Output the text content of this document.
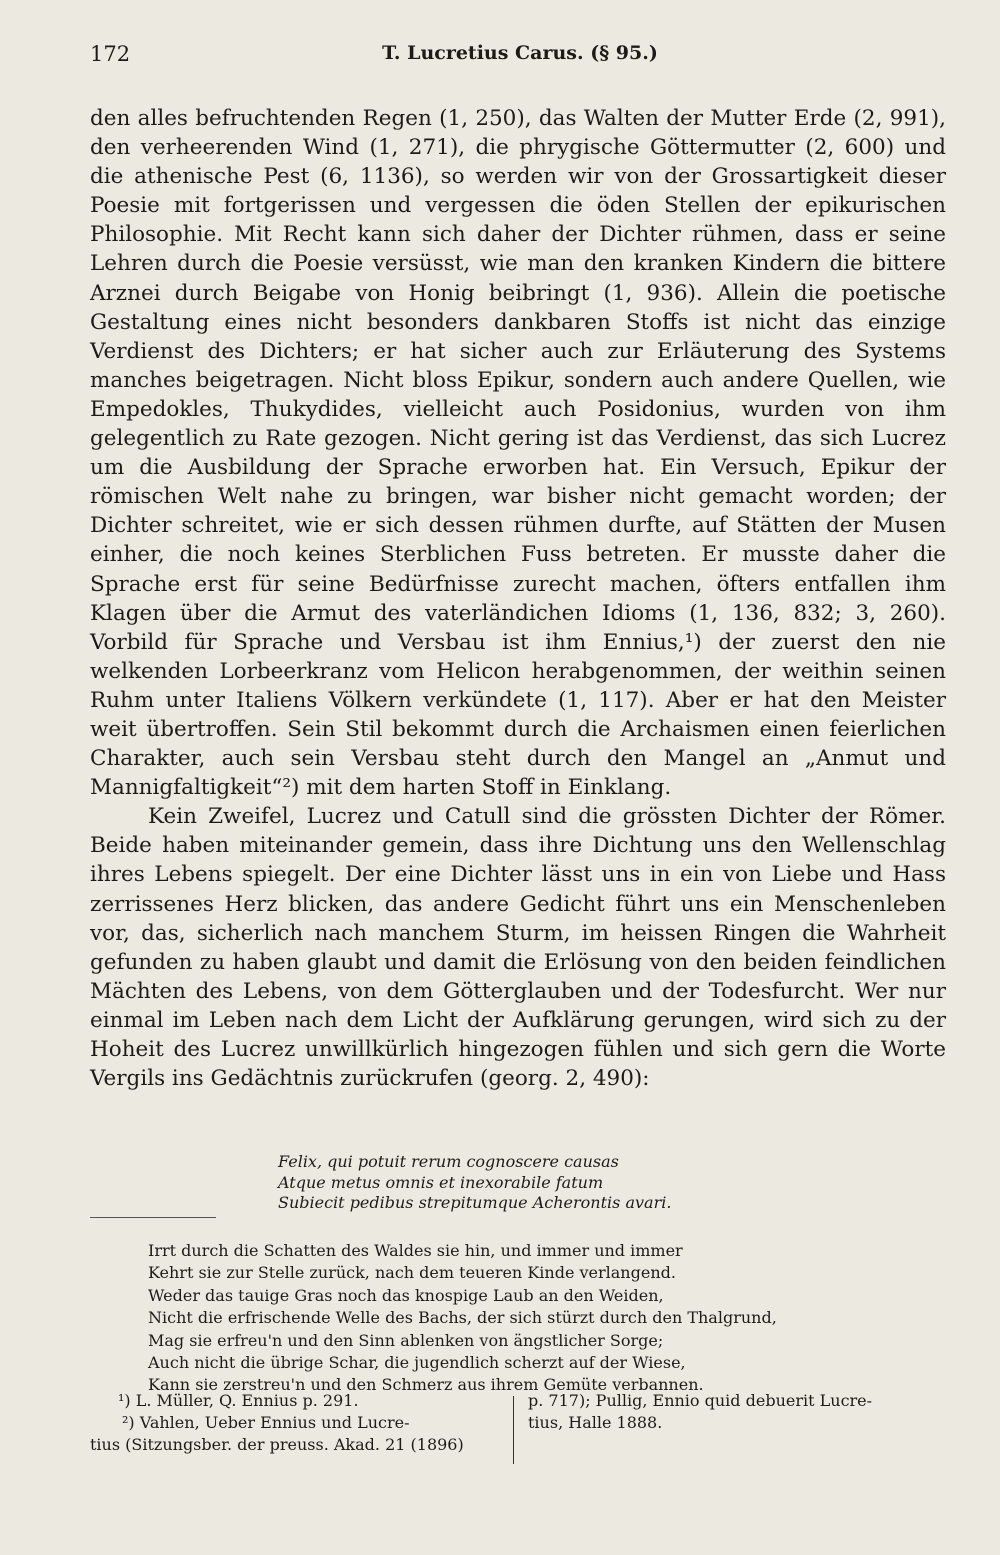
172	T. Lucretius Carus. (§ 95.)

den alles befruchtenden Regen (1, 250), das Walten der Mutter Erde (2, 991), den verheerenden Wind (1, 271), die phrygische Göttermutter (2, 600) und die athenische Pest (6, 1136), so werden wir von der Grossartigkeit dieser Poesie mit fortgerissen und vergessen die öden Stellen der epikurischen Philosophie. Mit Recht kann sich daher der Dichter rühmen, dass er seine Lehren durch die Poesie versüsst, wie man den kranken Kindern die bittere Arznei durch Beigabe von Honig beibringt (1, 936). Allein die poetische Gestaltung eines nicht besonders dankbaren Stoffs ist nicht das einzige Verdienst des Dichters; er hat sicher auch zur Erläuterung des Systems manches beigetragen. Nicht bloss Epikur, sondern auch andere Quellen, wie Empedokles, Thukydides, vielleicht auch Posidonius, wurden von ihm gelegentlich zu Rate gezogen. Nicht gering ist das Verdienst, das sich Lucrez um die Ausbildung der Sprache erworben hat. Ein Versuch, Epikur der römischen Welt nahe zu bringen, war bisher nicht gemacht worden; der Dichter schreitet, wie er sich dessen rühmen durfte, auf Stätten der Musen einher, die noch keines Sterblichen Fuss betreten. Er musste daher die Sprache erst für seine Bedürfnisse zurecht machen, öfters entfallen ihm Klagen über die Armut des vaterländichen Idioms (1, 136, 832; 3, 260). Vorbild für Sprache und Versbau ist ihm Ennius,¹) der zuerst den nie welkenden Lorbeerkranz vom Helicon herabgenommen, der weithin seinen Ruhm unter Italiens Völkern verkündete (1, 117). Aber er hat den Meister weit übertroffen. Sein Stil bekommt durch die Archaismen einen feierlichen Charakter, auch sein Versbau steht durch den Mangel an „Anmut und Mannigfaltigkeit“²) mit dem harten Stoff in Einklang.

Kein Zweifel, Lucrez und Catull sind die grössten Dichter der Römer. Beide haben miteinander gemein, dass ihre Dichtung uns den Wellenschlag ihres Lebens spiegelt. Der eine Dichter lässt uns in ein von Liebe und Hass zerrissenes Herz blicken, das andere Gedicht führt uns ein Menschenleben vor, das, sicherlich nach manchem Sturm, im heissen Ringen die Wahrheit gefunden zu haben glaubt und damit die Erlösung von den beiden feindlichen Mächten des Lebens, von dem Götterglauben und der Todesfurcht. Wer nur einmal im Leben nach dem Licht der Aufklärung gerungen, wird sich zu der Hoheit des Lucrez unwillkürlich hingezogen fühlen und sich gern die Worte Vergils ins Gedächtnis zurückrufen (georg. 2, 490):

Felix, qui potuit rerum cognoscere causas
Atque metus omnis et inexorabile fatum
Subiecit pedibus strepitumque Acherontis avari.
Irrt durch die Schatten des Waldes sie hin, und immer und immer
Kehrt sie zur Stelle zurück, nach dem teueren Kinde verlangend.
Weder das tauige Gras noch das knospige Laub an den Weiden,
Nicht die erfrischende Welle des Bachs, der sich stürzt durch den Thalgrund,
Mag sie erfreu'n und den Sinn ablenken von ängstlicher Sorge;
Auch nicht die übrige Schar, die jugendlich scherzt auf der Wiese,
Kann sie zerstreu'n und den Schmerz aus ihrem Gemüte verbannen.
¹) L. Müller, Q. Ennius p. 291.
²) Vahlen, Ueber Ennius und Lucre-
tius (Sitzungsber. der preuss. Akad. 21 (1896)
p. 717); Pullig, Ennio quid debuerit Lucre-
tius, Halle 1888.
